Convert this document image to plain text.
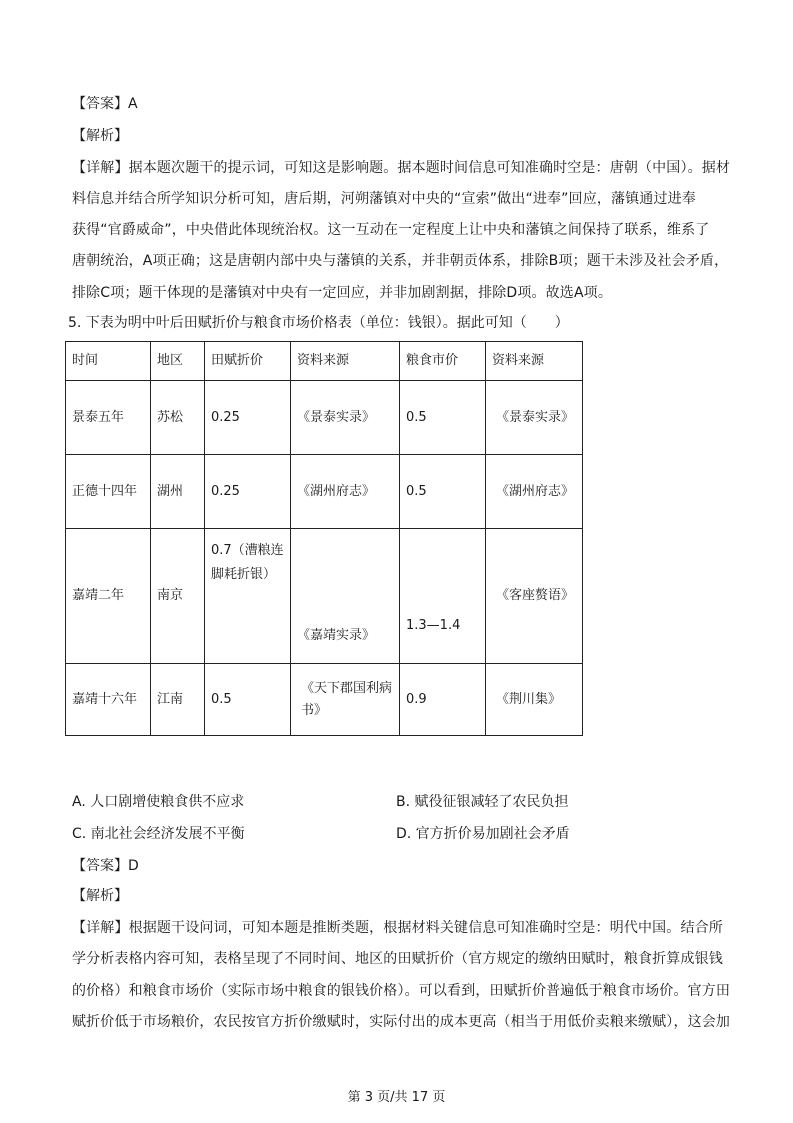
【答案】A
【解析】
【详解】据本题次题干的提示词，可知这是影响题。据本题时间信息可知准确时空是：唐朝（中国）。据材
料信息并结合所学知识分析可知，唐后期，河朔藩镇对中央的“宣索”做出“进奉”回应，藩镇通过进奉
获得“官爵威命”，中央借此体现统治权。这一互动在一定程度上让中央和藩镇之间保持了联系，维系了
唐朝统治，A项正确；这是唐朝内部中央与藩镇的关系，并非朝贡体系，排除B项；题干未涉及社会矛盾，
排除C项；题干体现的是藩镇对中央有一定回应，并非加剧割据，排除D项。故选A项。
5. 下表为明中叶后田赋折价与粮食市场价格表（单位：钱银）。据此可知（　　）
时间	地区	田赋折价	资料来源	粮食市价	资料来源
景泰五年	苏松	0.25	《景泰实录》	0.5	《景泰实录》
正德十四年	湖州	0.25	《湖州府志》	0.5	《湖州府志》
嘉靖二年	南京	0.7（漕粮连脚耗折银）	《嘉靖实录》	1.3—1.4	《客座赘语》
嘉靖十六年	江南	0.5	《天下郡国利病书》	0.9	《荆川集》
A. 人口剧增使粮食供不应求	B. 赋役征银减轻了农民负担
C. 南北社会经济发展不平衡	D. 官方折价易加剧社会矛盾
【答案】D
【解析】
【详解】根据题干设问词，可知本题是推断类题，根据材料关键信息可知准确时空是：明代中国。结合所
学分析表格内容可知，表格呈现了不同时间、地区的田赋折价（官方规定的缴纳田赋时，粮食折算成银钱
的价格）和粮食市场价（实际市场中粮食的银钱价格）。可以看到，田赋折价普遍低于粮食市场价。官方田
赋折价低于市场粮价，农民按官方折价缴赋时，实际付出的成本更高（相当于用低价卖粮来缴赋），这会加
第 3 页/共 17 页
